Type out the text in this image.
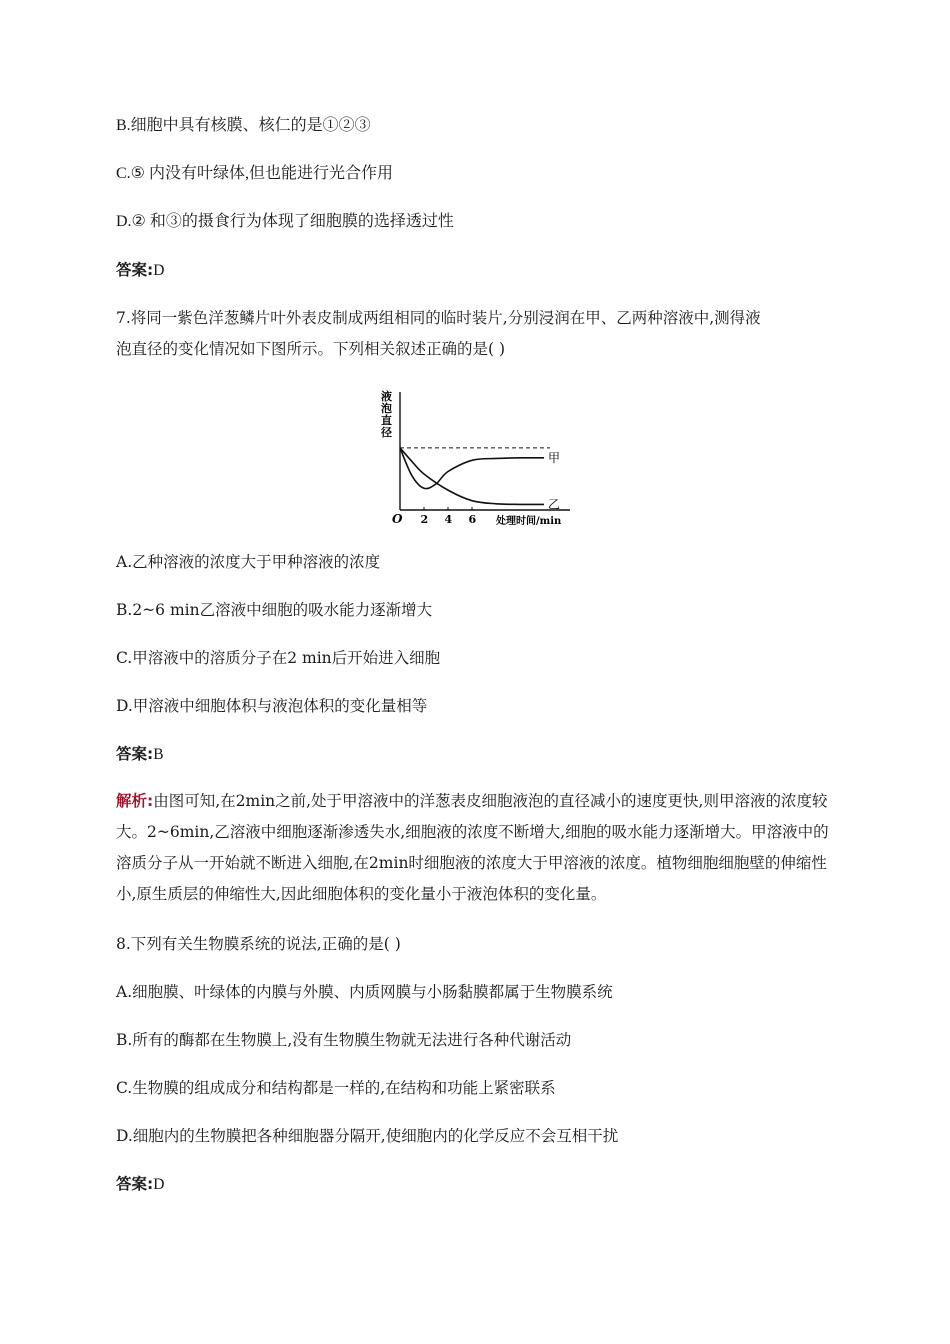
B.细胞中具有核膜、核仁的是①②③
C.⑤ 内没有叶绿体,但也能进行光合作用
D.② 和③的摄食行为体现了细胞膜的选择透过性
答案:D
7.将同一紫色洋葱鳞片叶外表皮制成两组相同的临时装片,分别浸润在甲、乙两种溶液中,测得液
泡直径的变化情况如下图所示。下列相关叙述正确的是( )
处理时间/min
O 2 4 6
甲
乙
液
泡
直
径
A.乙种溶液的浓度大于甲种溶液的浓度
B.2~6 min乙溶液中细胞的吸水能力逐渐增大
C.甲溶液中的溶质分子在2 min后开始进入细胞
D.甲溶液中细胞体积与液泡体积的变化量相等
答案:B
解析:由图可知,在2min之前,处于甲溶液中的洋葱表皮细胞液泡的直径减小的速度更快,则甲溶液的浓度较大。2~6min,乙溶液中细胞逐渐渗透失水,细胞液的浓度不断增大,细胞的吸水能力逐渐增大。甲溶液中的溶质分子从一开始就不断进入细胞,在2min时细胞液的浓度大于甲溶液的浓度。植物细胞细胞壁的伸缩性小,原生质层的伸缩性大,因此细胞体积的变化量小于液泡体积的变化量。
8.下列有关生物膜系统的说法,正确的是( )
A.细胞膜、叶绿体的内膜与外膜、内质网膜与小肠黏膜都属于生物膜系统
B.所有的酶都在生物膜上,没有生物膜生物就无法进行各种代谢活动
C.生物膜的组成成分和结构都是一样的,在结构和功能上紧密联系
D.细胞内的生物膜把各种细胞器分隔开,使细胞内的化学反应不会互相干扰
答案:D
